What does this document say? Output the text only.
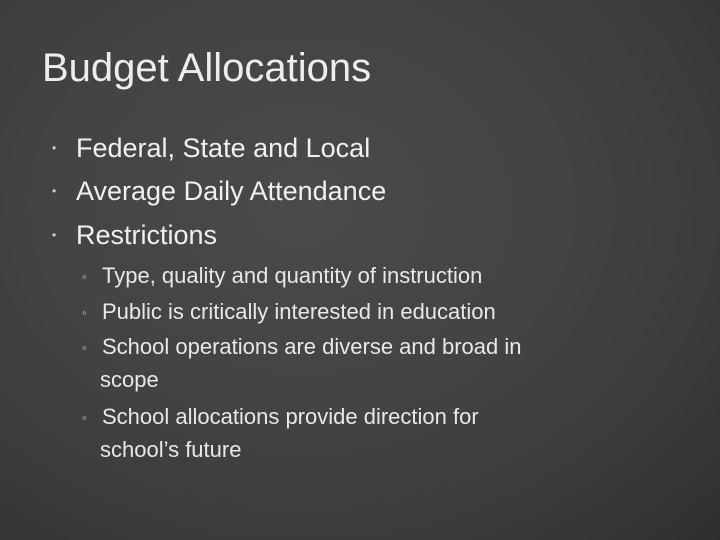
Budget Allocations
• Federal, State and Local
• Average Daily Attendance
• Restrictions
◦ Type, quality and quantity of instruction
◦ Public is critically interested in education
◦ School operations are diverse and broad in
scope
◦ School allocations provide direction for
school’s future
